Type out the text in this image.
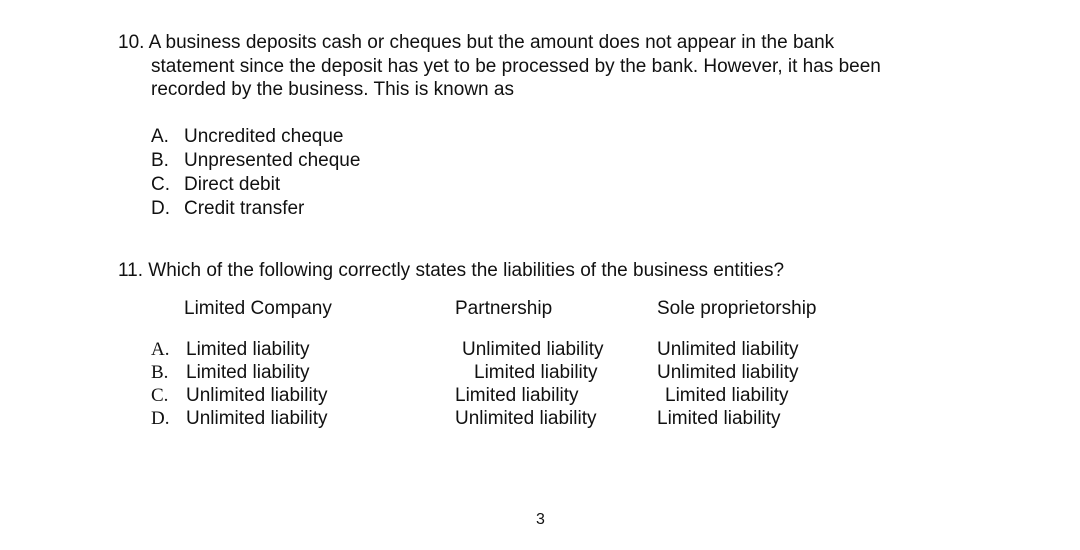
10. A business deposits cash or cheques but the amount does not appear in the bank
statement since the deposit has yet to be processed by the bank. However, it has been
recorded by the business. This is known as
A. Uncredited cheque
B. Unpresented cheque
C. Direct debit
D. Credit transfer
11. Which of the following correctly states the liabilities of the business entities?
Limited Company	Partnership	Sole proprietorship
A. Limited liability	Unlimited liability	Unlimited liability
B. Limited liability	Limited liability	Unlimited liability
C. Unlimited liability	Limited liability	Limited liability
D. Unlimited liability	Unlimited liability	Limited liability
3
